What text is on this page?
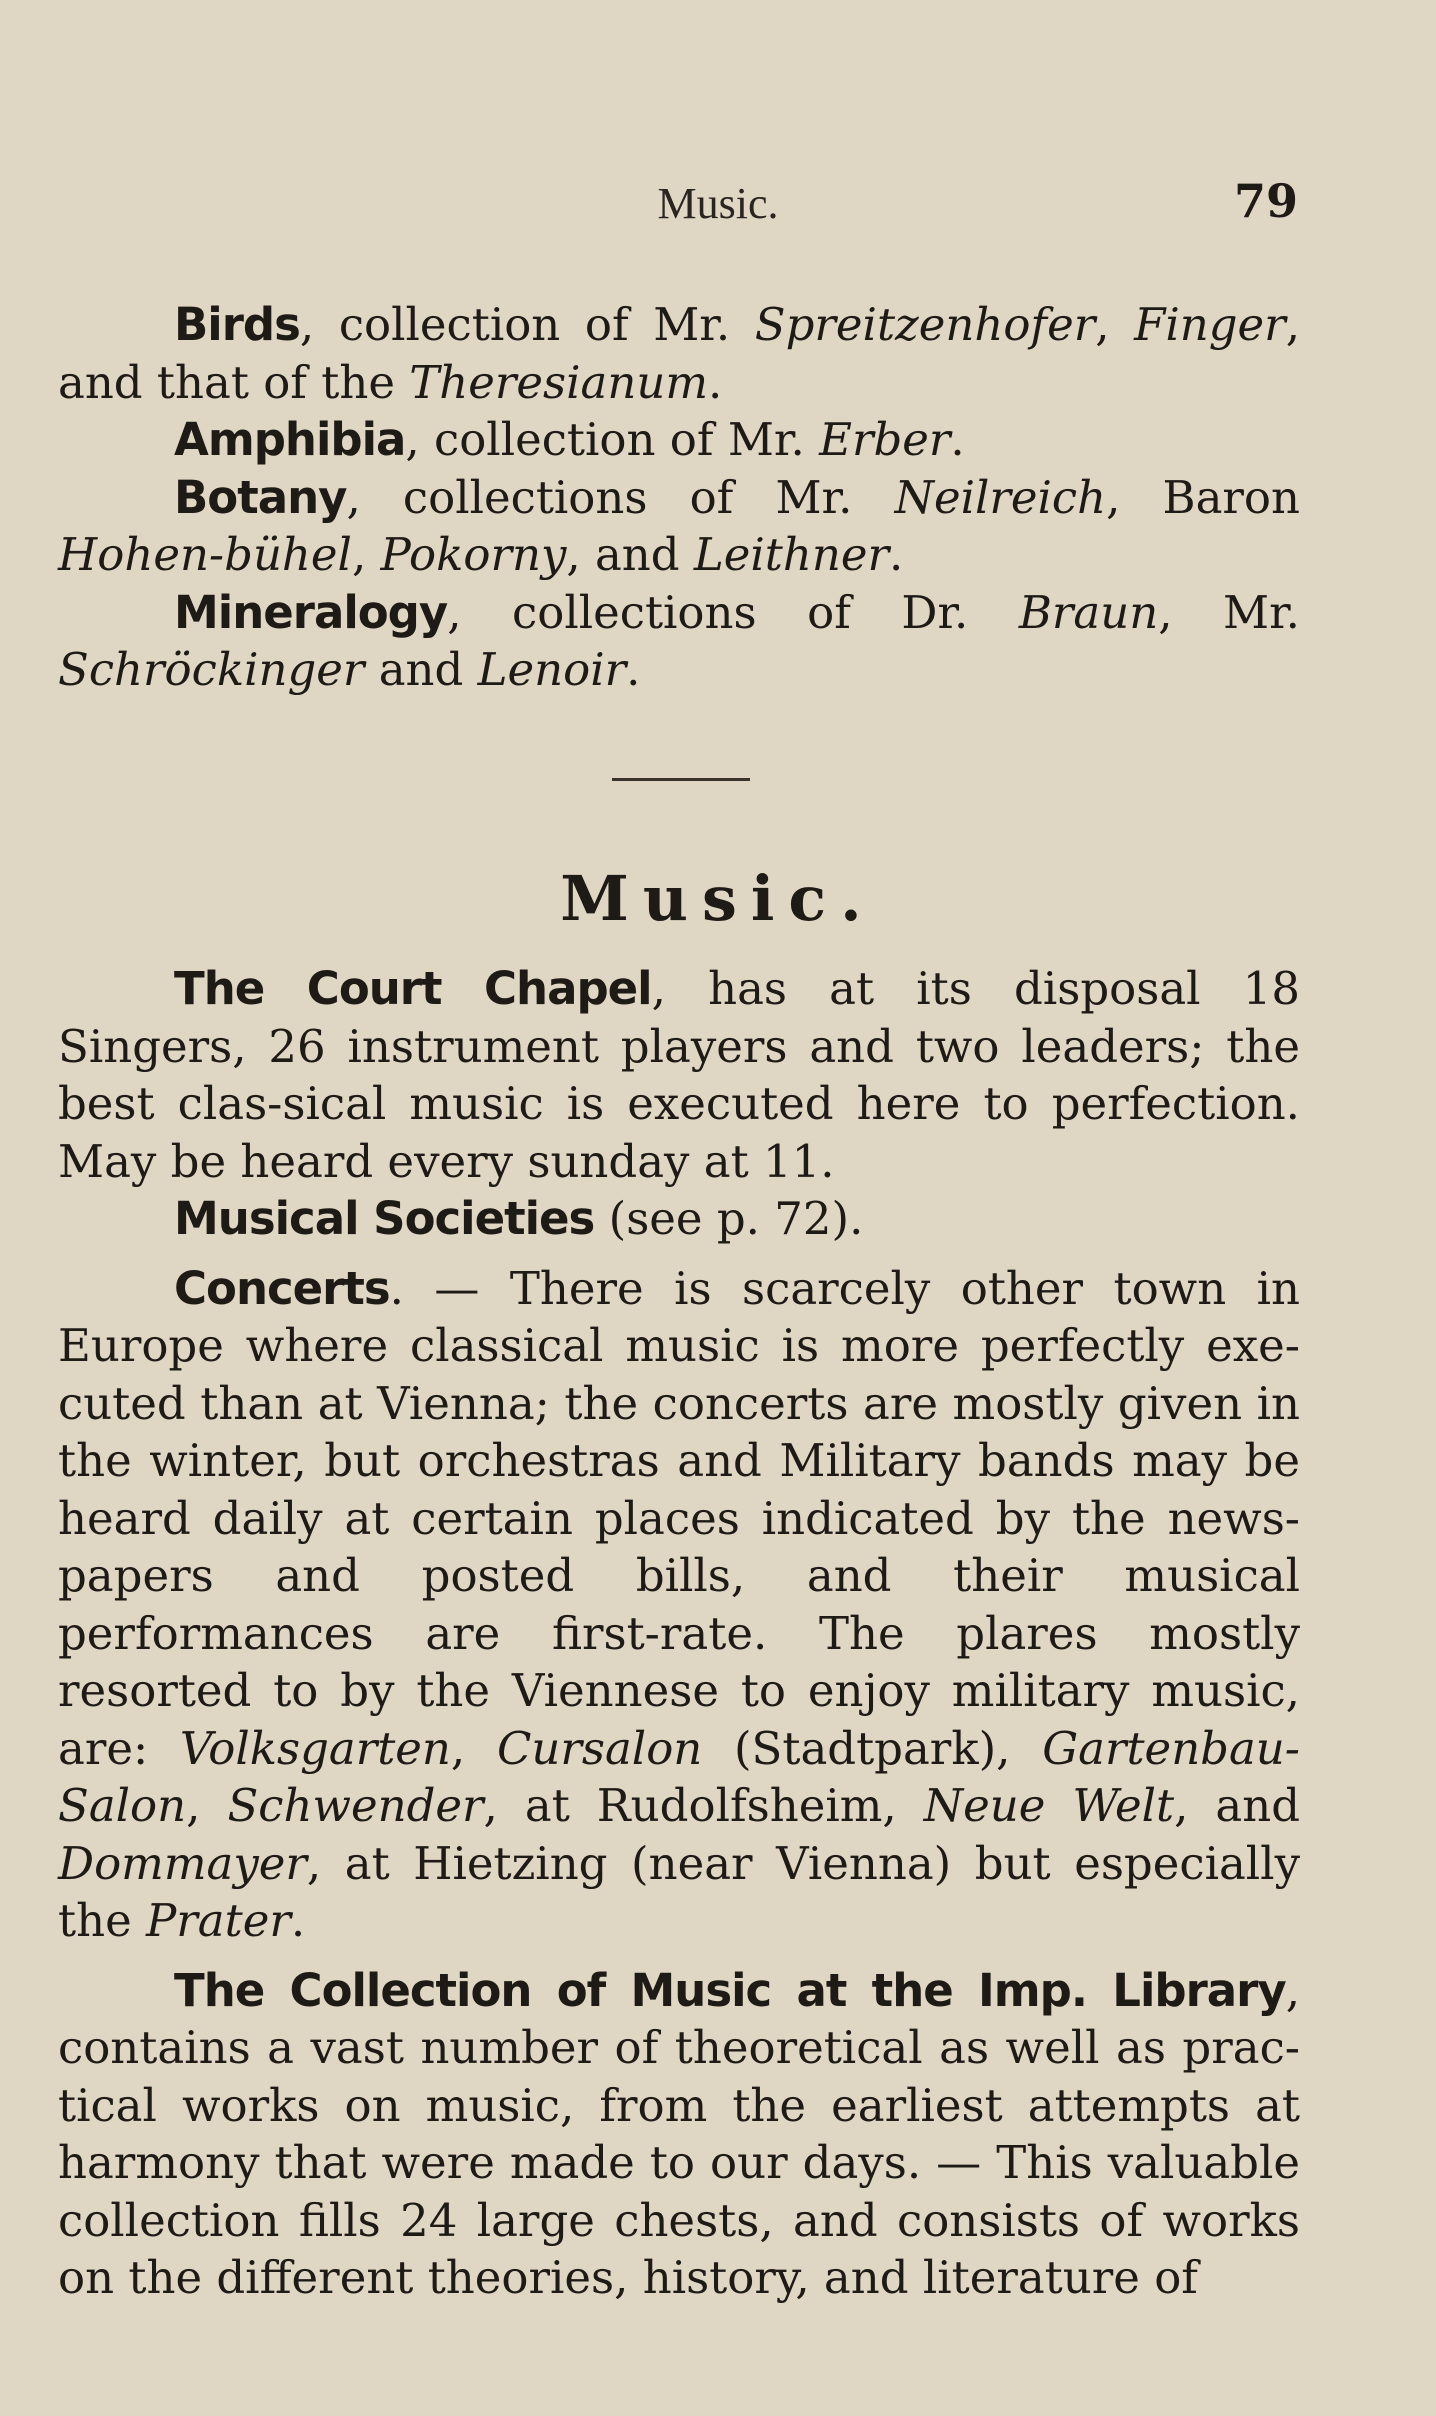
Music.	79

Birds, collection of Mr. Spreitzenhofer, Finger, and that of the Theresianum.

Amphibia, collection of Mr. Erber.

Botany, collections of Mr. Neilreich, Baron Hohen-bühel, Pokorny, and Leithner.

Mineralogy, collections of Dr. Braun, Mr. Schröckinger and Lenoir.

Music.

The Court Chapel, has at its disposal 18 Singers, 26 instrument players and two leaders; the best clas-sical music is executed here to perfection. May be heard every sunday at 11.

Musical Societies (see p. 72).

Concerts. — There is scarcely other town in Europe where classical music is more perfectly exe-cuted than at Vienna; the concerts are mostly given in the winter, but orchestras and Military bands may be heard daily at certain places indicated by the news-papers and posted bills, and their musical performances are first-rate. The plares mostly resorted to by the Viennese to enjoy military music, are: Volksgarten, Cursalon (Stadtpark), Gartenbau-Salon, Schwender, at Rudolfsheim, Neue Welt, and Dommayer, at Hietzing (near Vienna) but especially the Prater.

The Collection of Music at the Imp. Library, contains a vast number of theoretical as well as prac-tical works on music, from the earliest attempts at harmony that were made to our days. — This valuable collection fills 24 large chests, and consists of works on the different theories, history, and literature of
